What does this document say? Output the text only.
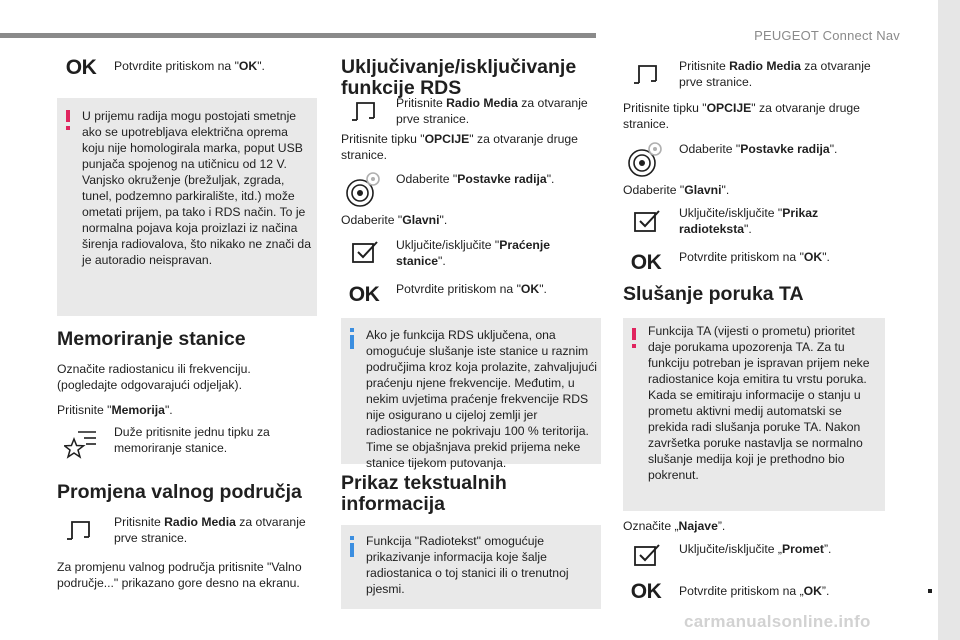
PEUGEOT Connect Nav
21
OK Potvrdite pritiskom na "OK".
U prijemu radija mogu postojati smetnje ako se upotrebljava električna oprema koju nije homologirala marka, poput USB punjača spojenog na utičnicu od 12 V. Vanjsko okruženje (brežuljak, zgrada, tunel, podzemno parkiralište, itd.) može ometati prijem, pa tako i RDS način. To je normalna pojava koja proizlazi iz načina širenja radiovalova, što nikako ne znači da je autoradio neispravan.
Memoriranje stanice

Označite radiostanicu ili frekvenciju. (pogledajte odgovarajući odjeljak).

Pritisnite "Memorija".

Duže pritisnite jednu tipku za memoriranje stanice.
Promjena valnog područja
Pritisnite Radio Media za otvaranje prve stranice.

Za promjenu valnog područja pritisnite "Valno područje..." prikazano gore desno na ekranu.

Uključivanje/isključivanje funkcije RDS
Pritisnite Radio Media za otvaranje prve stranice.

Pritisnite tipku "OPCIJE" za otvaranje druge stranice.

Odaberite "Postavke radija".

Odaberite "Glavni".

Uključite/isključite "Praćenje stanice".
OK Potvrdite pritiskom na "OK".
Ako je funkcija RDS uključena, ona omogućuje slušanje iste stanice u raznim područjima kroz koja prolazite, zahvaljujući praćenju njene frekvencije. Međutim, u nekim uvjetima praćenje frekvencije RDS nije osigurano u cijeloj zemlji jer radiostanice ne pokrivaju 100 % teritorija. Time se objašnjava prekid prijema neke stanice tijekom putovanja.
Prikaz tekstualnih informacija
Funkcija "Radiotekst" omogućuje prikazivanje informacija koje šalje radiostanica o toj stanici ili o trenutnoj pjesmi.
Pritisnite Radio Media za otvaranje prve stranice.

Pritisnite tipku "OPCIJE" za otvaranje druge stranice.

Odaberite "Postavke radija".

Odaberite "Glavni".

Uključite/isključite "Prikaz radioteksta".
OK Potvrdite pritiskom na "OK".
Slušanje poruka TA
Funkcija TA (vijesti o prometu) prioritet daje porukama upozorenja TA. Za tu funkciju potreban je ispravan prijem neke radiostanice koja emitira tu vrstu poruka. Kada se emitiraju informacije o stanju u prometu aktivni medij automatski se prekida radi slušanja poruke TA. Nakon završetka poruke nastavlja se normalno slušanje medija koji je prethodno bio pokrenut.

Označite „Najave”.

Uključite/isključite „Promet”.
OK Potvrdite pritiskom na „OK”.
carmanualsonline.info
